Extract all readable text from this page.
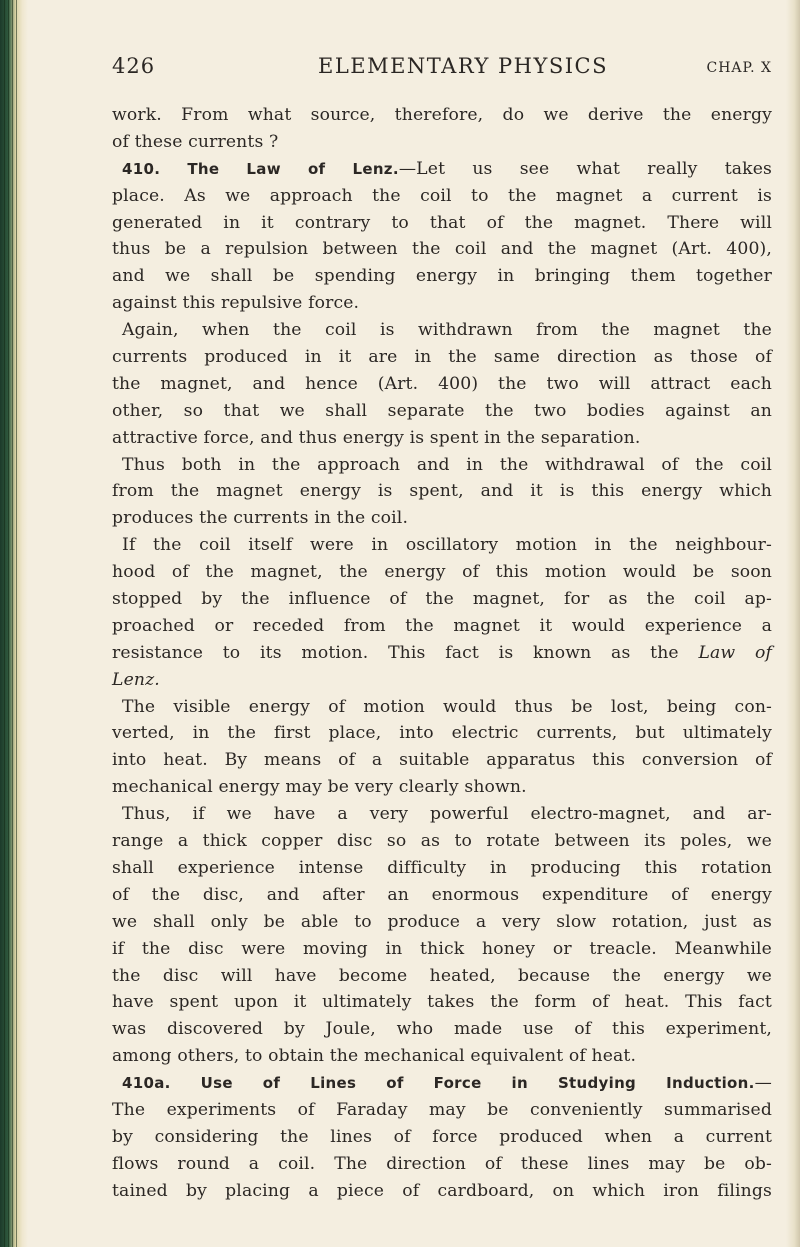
426	ELEMENTARY PHYSICS	CHAP. X
work. From what source, therefore, do we derive the energy
of these currents ?
410. The Law of Lenz.—Let us see what really takes
place. As we approach the coil to the magnet a current is
generated in it contrary to that of the magnet. There will
thus be a repulsion between the coil and the magnet (Art. 400),
and we shall be spending energy in bringing them together
against this repulsive force.
Again, when the coil is withdrawn from the magnet the
currents produced in it are in the same direction as those of
the magnet, and hence (Art. 400) the two will attract each
other, so that we shall separate the two bodies against an
attractive force, and thus energy is spent in the separation.
Thus both in the approach and in the withdrawal of the coil
from the magnet energy is spent, and it is this energy which
produces the currents in the coil.
If the coil itself were in oscillatory motion in the neighbour-
hood of the magnet, the energy of this motion would be soon
stopped by the influence of the magnet, for as the coil ap-
proached or receded from the magnet it would experience a
resistance to its motion. This fact is known as the Law of
Lenz.
The visible energy of motion would thus be lost, being con-
verted, in the first place, into electric currents, but ultimately
into heat. By means of a suitable apparatus this conversion of
mechanical energy may be very clearly shown.
Thus, if we have a very powerful electro-magnet, and ar-
range a thick copper disc so as to rotate between its poles, we
shall experience intense difficulty in producing this rotation
of the disc, and after an enormous expenditure of energy
we shall only be able to produce a very slow rotation, just as
if the disc were moving in thick honey or treacle. Meanwhile
the disc will have become heated, because the energy we
have spent upon it ultimately takes the form of heat. This fact
was discovered by Joule, who made use of this experiment,
among others, to obtain the mechanical equivalent of heat.
410a. Use of Lines of Force in Studying Induction.—
The experiments of Faraday may be conveniently summarised
by considering the lines of force produced when a current
flows round a coil. The direction of these lines may be ob-
tained by placing a piece of cardboard, on which iron filings
